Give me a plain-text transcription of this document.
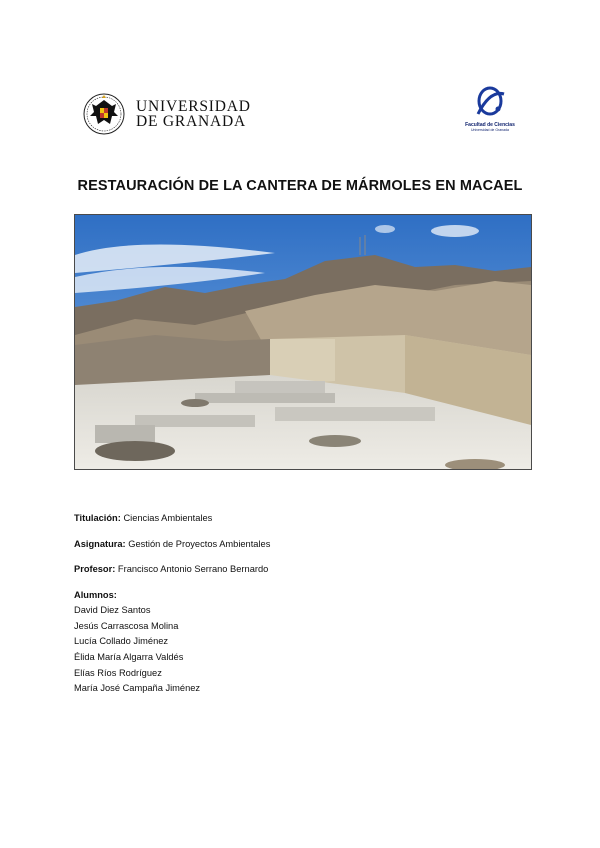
UNIVERSIDAD
DE GRANADA	Facultad de Ciencias
Universidad de Granada
RESTAURACIÓN DE LA CANTERA DE MÁRMOLES EN MACAEL
Titulación: Ciencias Ambientales
Asignatura: Gestión de Proyectos Ambientales
Profesor: Francisco Antonio Serrano Bernardo
Alumnos:
David Diez Santos
Jesús Carrascosa Molina
Lucía Collado Jiménez
Élida María Algarra Valdés
Elías Ríos Rodríguez
María José Campaña Jiménez
